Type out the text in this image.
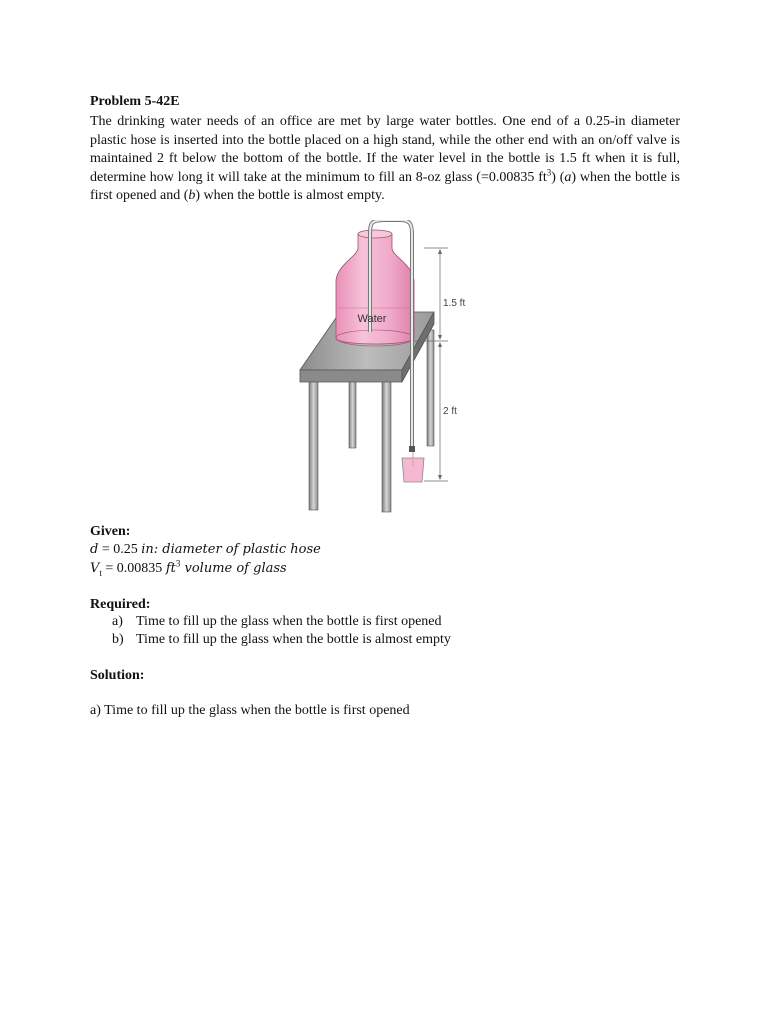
Problem 5-42E
The drinking water needs of an office are met by large water bottles. One end of a 0.25-in diameter plastic hose is inserted into the bottle placed on a high stand, while the other end with an on/off valve is maintained 2 ft below the bottom of the bottle. If the water level in the bottle is 1.5 ft when it is full, determine how long it will take at the minimum to fill an 8-oz glass (=0.00835 $ft^3$) (a) when the bottle is first opened and (b) when the bottle is almost empty.
Water
1.5 ft
2 ft
Given:
d = 0.25 in: diameter of plastic hose
$V_t = 0.00835$ $ft^3$ volume of glass
Required:
a) Time to fill up the glass when the bottle is first opened
b) Time to fill up the glass when the bottle is almost empty
Solution:
a) Time to fill up the glass when the bottle is first opened
